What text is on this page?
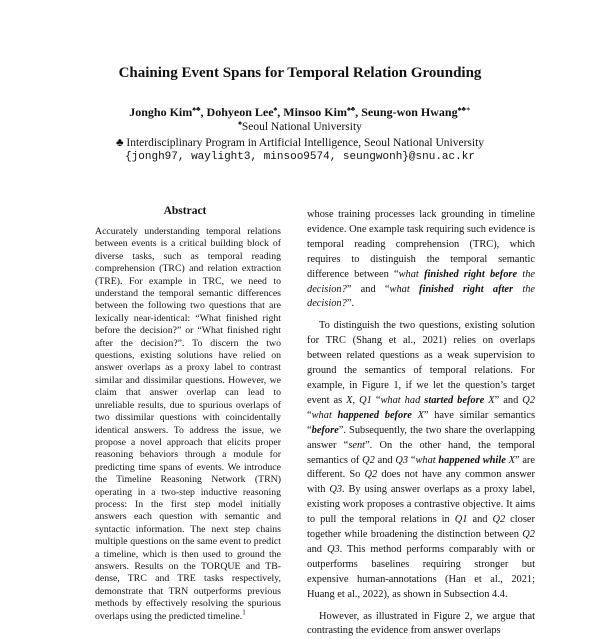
Chaining Event Spans for Temporal Relation Grounding
Jongho Kim♠♣, Dohyeon Lee♠, Minsoo Kim♠♣, Seung-won Hwang♠♣∗
♠Seoul National University
♣ Interdisciplinary Program in Artificial Intelligence, Seoul National University
{jongh97, waylight3, minsoo9574, seungwonh}@snu.ac.kr
Abstract
Accurately understanding temporal relations between events is a critical building block of diverse tasks, such as temporal reading comprehension (TRC) and relation extraction (TRE). For example in TRC, we need to understand the temporal semantic differences between the following two questions that are lexically near-identical: “What finished right before the decision?” or “What finished right after the decision?”. To discern the two questions, existing solutions have relied on answer overlaps as a proxy label to contrast similar and dissimilar questions. However, we claim that answer overlap can lead to unreliable results, due to spurious overlaps of two dissimilar questions with coincidentally identical answers. To address the issue, we propose a novel approach that elicits proper reasoning behaviors through a module for predicting time spans of events. We introduce the Timeline Reasoning Network (TRN) operating in a two-step inductive reasoning process: In the first step model initially answers each question with semantic and syntactic information. The next step chains multiple questions on the same event to predict a timeline, which is then used to ground the answers. Results on the TORQUE and TB-dense, TRC and TRE tasks respectively, demonstrate that TRN outperforms previous methods by effectively resolving the spurious overlaps using the predicted timeline.$^1$

whose training processes lack grounding in timeline evidence. One example task requiring such evidence is temporal reading comprehension (TRC), which requires to distinguish the temporal semantic difference between “what finished right before the decision?” and “what finished right after the decision?”.

To distinguish the two questions, existing solution for TRC (Shang et al., 2021) relies on overlaps between related questions as a weak supervision to ground the semantics of temporal relations. For example, in Figure 1, if we let the question’s target event as X, Q1 “what had started before X” and Q2 “what happened before X” have similar semantics “before”. Subsequently, the two share the overlapping answer “sent”. On the other hand, the temporal semantics of Q2 and Q3 “what happened while X” are different. So Q2 does not have any common answer with Q3. By using answer overlaps as a proxy label, existing work proposes a contrastive objective. It aims to pull the temporal relations in Q1 and Q2 closer together while broadening the distinction between Q2 and Q3. This method performs comparably with or outperforms baselines requiring stronger but expensive human-annotations (Han et al., 2021; Huang et al., 2022), as shown in Subsection 4.4.

However, as illustrated in Figure 2, we argue that contrasting the evidence from answer overlaps
